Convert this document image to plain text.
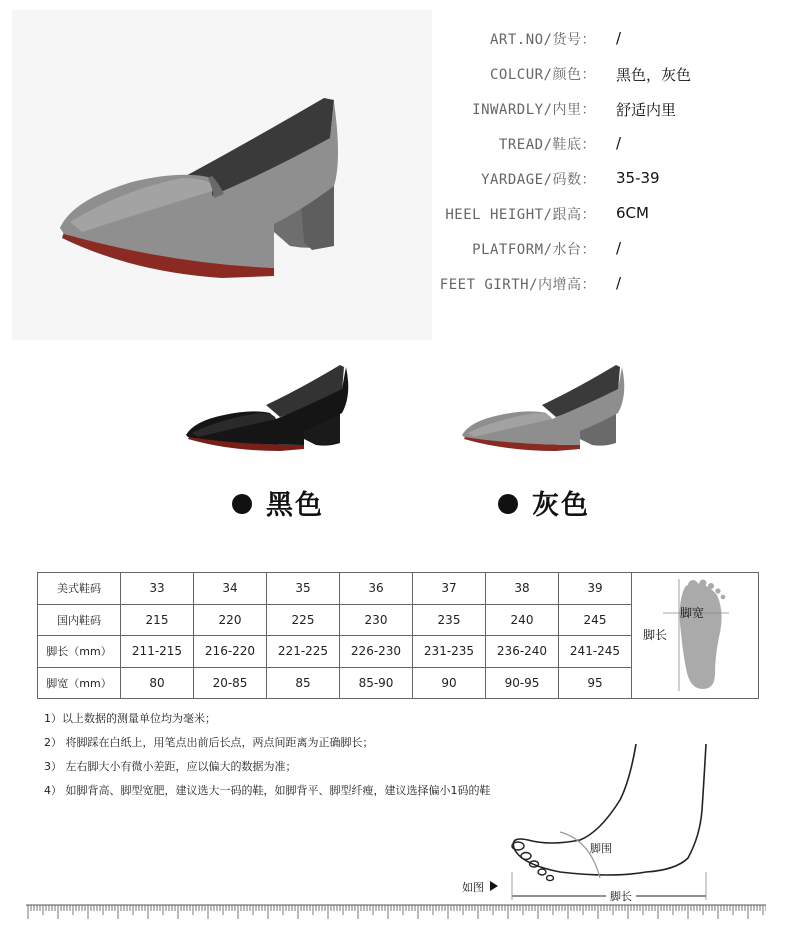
ART.NO/货号： /
COLCUR/颜色： 黑色，灰色
INWARDLY/内里： 舒适内里
TREAD/鞋底： /
YARDAGE/码数： 35-39
HEEL HEIGHT/跟高： 6CM
PLATFORM/水台： /
FEET GIRTH/内增高： /
黑色	灰色
美式鞋码	33	34	35	36	37	38	39	脚宽
脚长

国内鞋码	215	220	225	230	235	240	245	
脚长（mm）	211-215	216-220	221-225	226-230	231-235	236-240	241-245	
脚宽（mm）	80	20-85	85	85-90	90	90-95	95	
1）以上数据的测量单位均为毫米；
2） 将脚踩在白纸上，用笔点出前后长点，两点间距离为正确脚长；
3） 左右脚大小有微小差距，应以偏大的数据为准；
4） 如脚背高、脚型宽肥，建议选大一码的鞋，如脚背平、脚型纤瘦，建议选择偏小1码的鞋
脚围
脚长
如图
